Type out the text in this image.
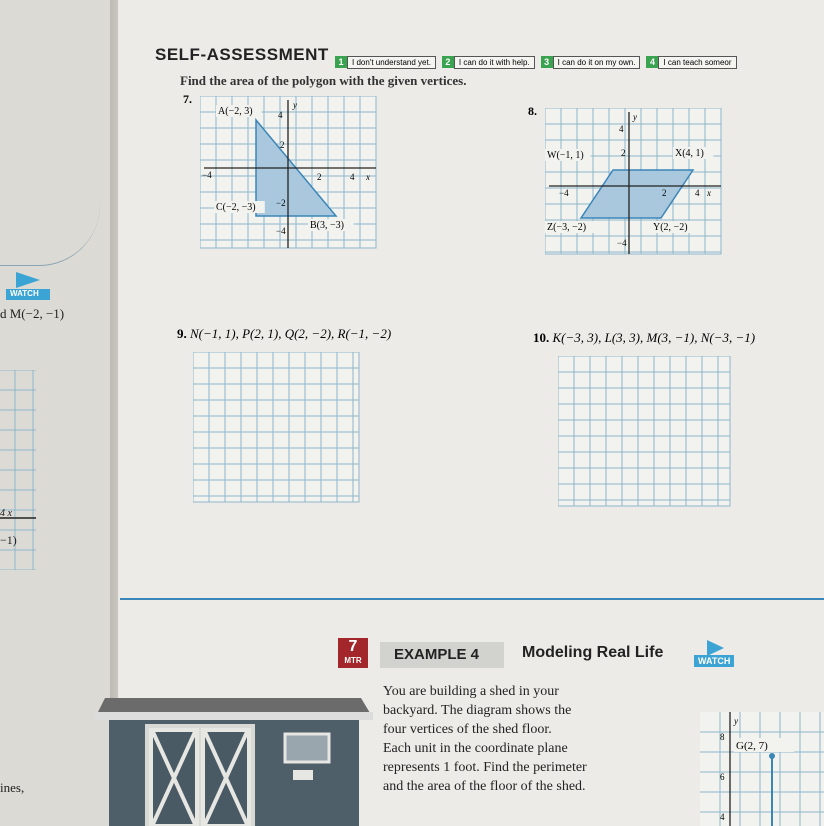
WATCH
d M(−2, −1)
4 x
−1)
ines,
SELF-ASSESSMENT	1 I don't understand yet. 2 I can do it with help. 3 I can do it on my own. 4 I can teach someor
Find the area of the polygon with the given vertices.
7.
−4	2	4 x
y
4
2
−2
−4
A(−2, 3)
C(−2, −3)
B(3, −3)
8.
−4	2	4 x
y
4
2
−4
W(−1, 1)	X(4, 1)
Y(2, −2)
Z(−3, −2)
9. N(−1, 1), P(2, 1), Q(2, −2), R(−1, −2)	10. K(−3, 3), L(3, 3), M(3, −1), N(−3, −1)
7
MTR	EXAMPLE 4	Modeling Real Life	WATCH
You are building a shed in your
backyard. The diagram shows the
four vertices of the shed floor.
Each unit in the coordinate plane
represents 1 foot. Find the perimeter
and the area of the floor of the shed.
y
8
6
4
G(2, 7)
